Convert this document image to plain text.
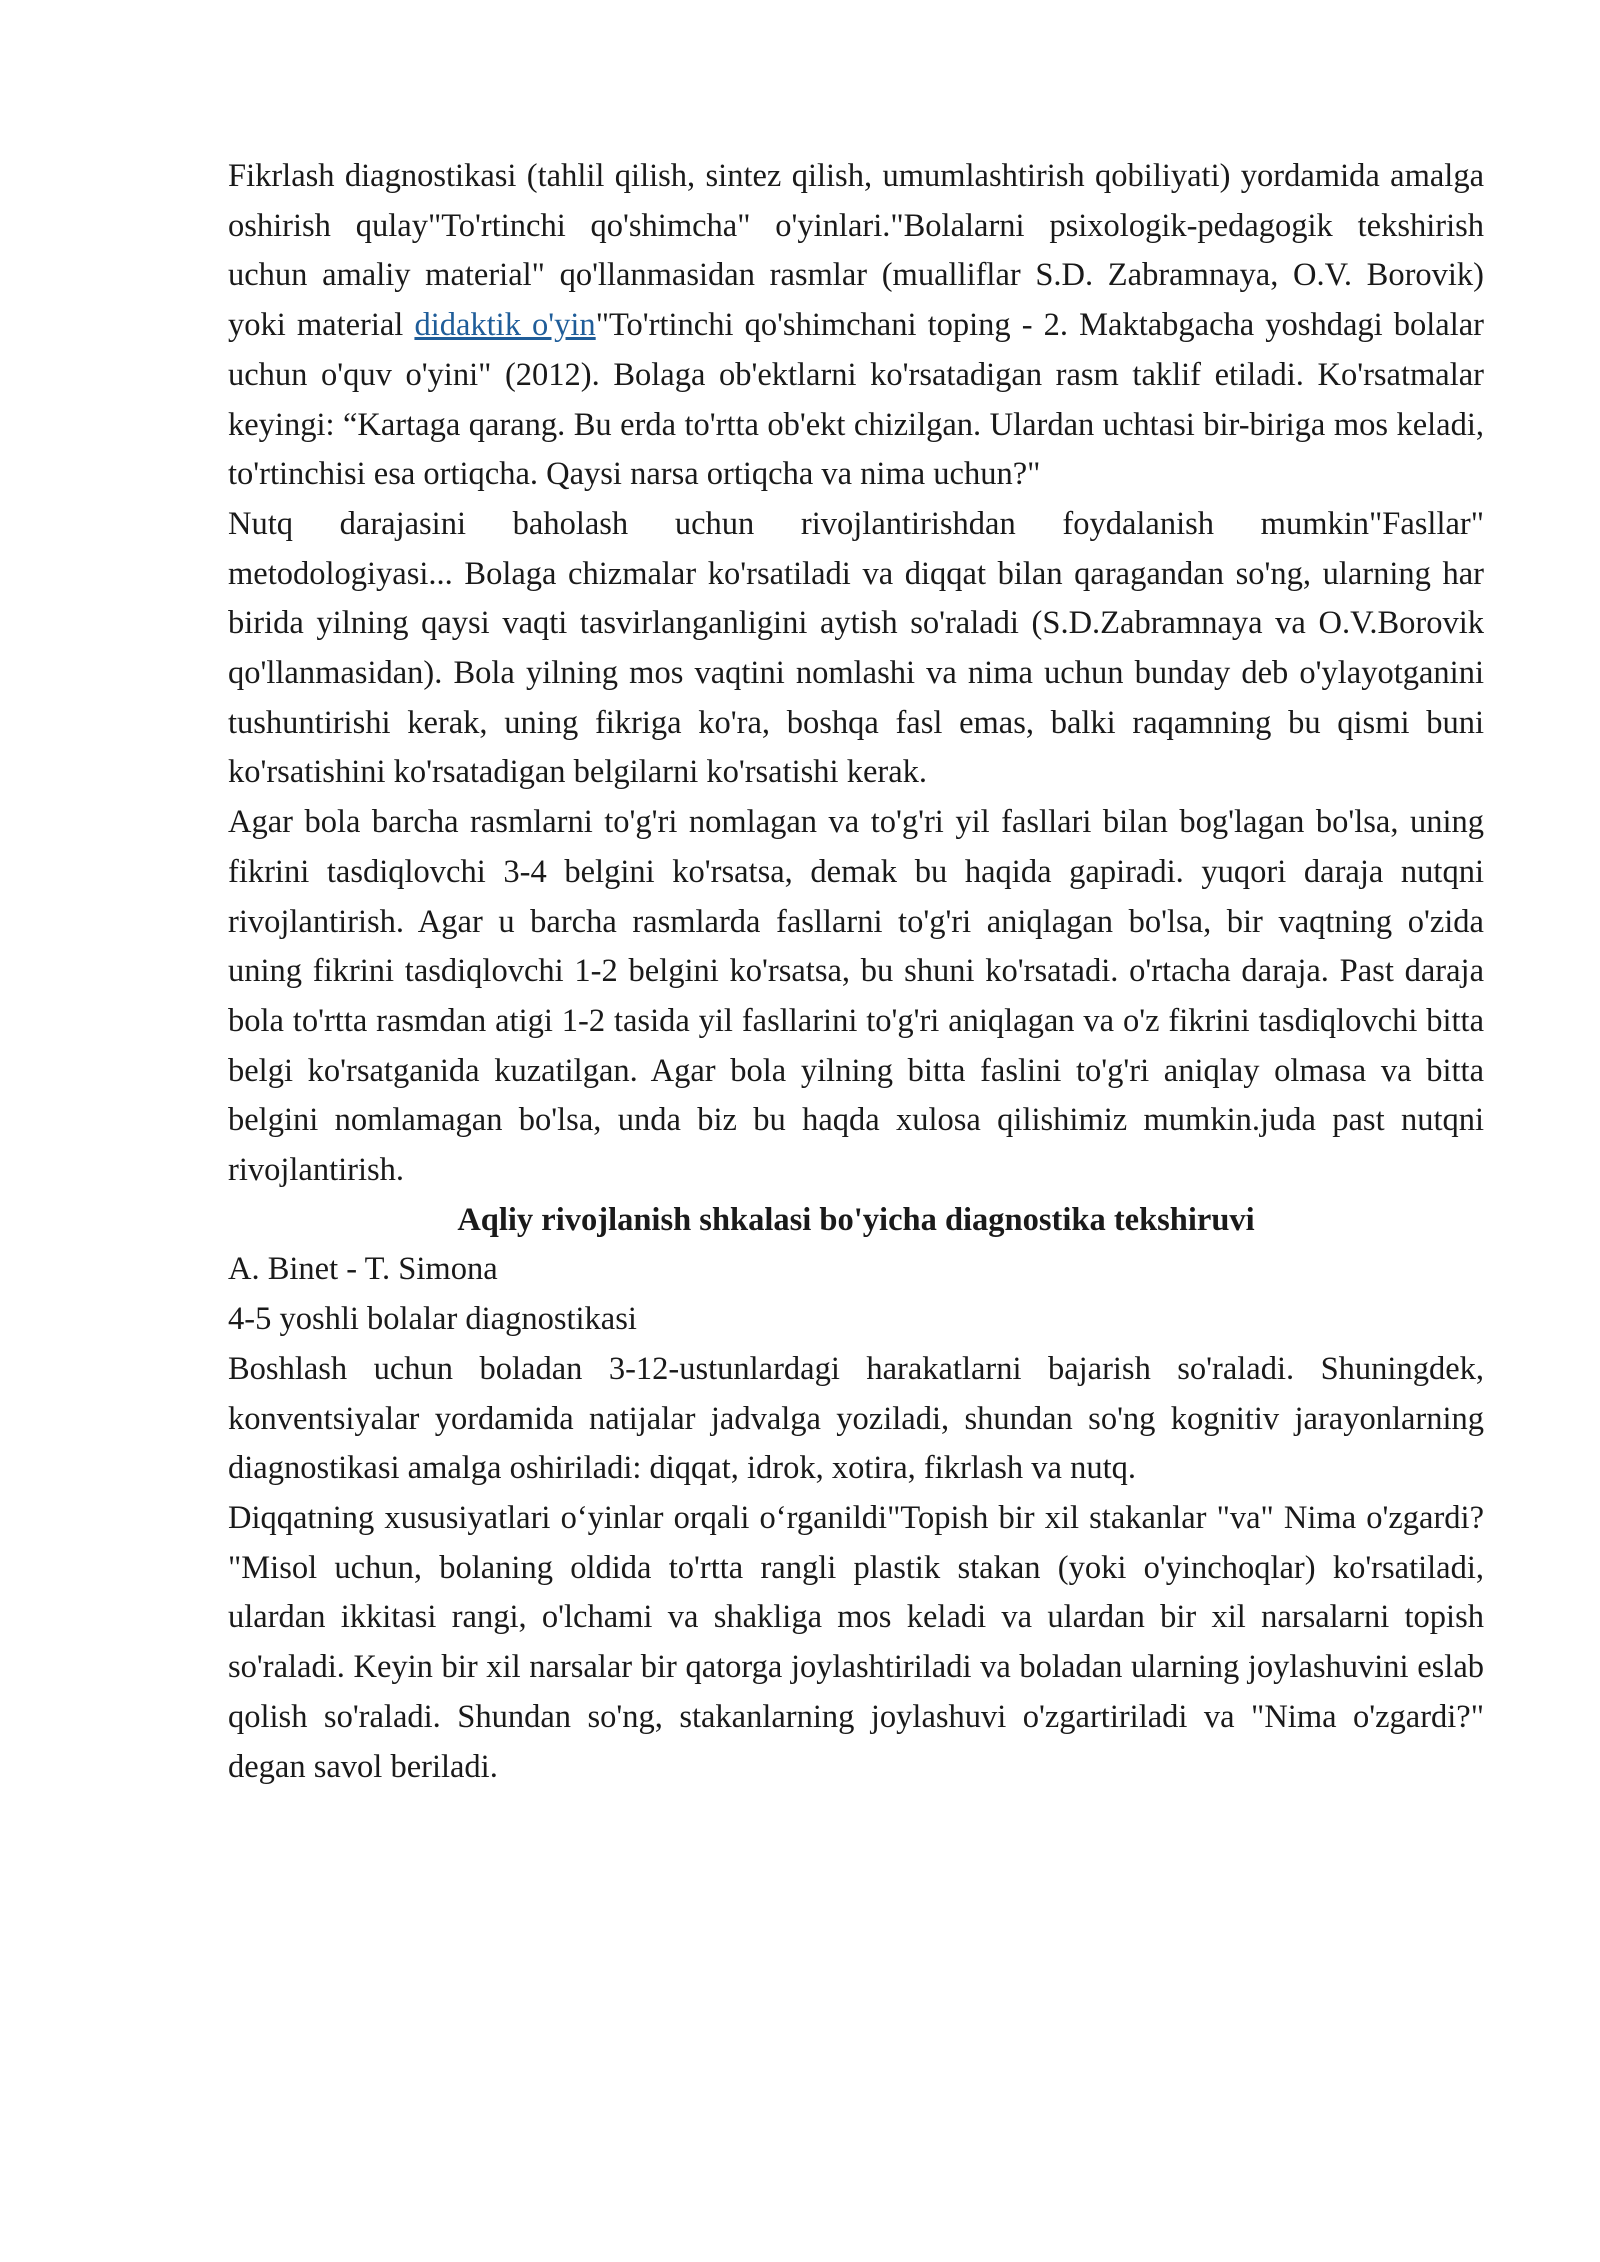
Fikrlash diagnostikasi (tahlil qilish, sintez qilish, umumlashtirish qobiliyati) yordamida amalga oshirish qulay"To'rtinchi qo'shimcha" o'yinlari."Bolalarni psixologik-pedagogik tekshirish uchun amaliy material" qo'llanmasidan rasmlar (mualliflar S.D. Zabramnaya, O.V. Borovik) yoki material didaktik o'yin"To'rtinchi qo'shimchani toping - 2. Maktabgacha yoshdagi bolalar uchun o'quv o'yini" (2012). Bolaga ob'ektlarni ko'rsatadigan rasm taklif etiladi. Ko'rsatmalar keyingi: “Kartaga qarang. Bu erda to'rtta ob'ekt chizilgan. Ulardan uchtasi bir-biriga mos keladi, to'rtinchisi esa ortiqcha. Qaysi narsa ortiqcha va nima uchun?"

Nutq darajasini baholash uchun rivojlantirishdan foydalanish mumkin"Fasllar" metodologiyasi... Bolaga chizmalar ko'rsatiladi va diqqat bilan qaragandan so'ng, ularning har birida yilning qaysi vaqti tasvirlanganligini aytish so'raladi (S.D.Zabramnaya va O.V.Borovik qo'llanmasidan). Bola yilning mos vaqtini nomlashi va nima uchun bunday deb o'ylayotganini tushuntirishi kerak, uning fikriga ko'ra, boshqa fasl emas, balki raqamning bu qismi buni ko'rsatishini ko'rsatadigan belgilarni ko'rsatishi kerak.

Agar bola barcha rasmlarni to'g'ri nomlagan va to'g'ri yil fasllari bilan bog'lagan bo'lsa, uning fikrini tasdiqlovchi 3-4 belgini ko'rsatsa, demak bu haqida gapiradi. yuqori daraja nutqni rivojlantirish. Agar u barcha rasmlarda fasllarni to'g'ri aniqlagan bo'lsa, bir vaqtning o'zida uning fikrini tasdiqlovchi 1-2 belgini ko'rsatsa, bu shuni ko'rsatadi. o'rtacha daraja. Past daraja bola to'rtta rasmdan atigi 1-2 tasida yil fasllarini to'g'ri aniqlagan va o'z fikrini tasdiqlovchi bitta belgi ko'rsatganida kuzatilgan. Agar bola yilning bitta faslini to'g'ri aniqlay olmasa va bitta belgini nomlamagan bo'lsa, unda biz bu haqda xulosa qilishimiz mumkin.juda past nutqni rivojlantirish.

Aqliy rivojlanish shkalasi bo'yicha diagnostika tekshiruvi

A. Binet - T. Simona

4-5 yoshli bolalar diagnostikasi

Boshlash uchun boladan 3-12-ustunlardagi harakatlarni bajarish so'raladi. Shuningdek, konventsiyalar yordamida natijalar jadvalga yoziladi, shundan so'ng kognitiv jarayonlarning diagnostikasi amalga oshiriladi: diqqat, idrok, xotira, fikrlash va nutq.

Diqqatning xususiyatlari o‘yinlar orqali o‘rganildi"Topish bir xil stakanlar "va" Nima o'zgardi? "Misol uchun, bolaning oldida to'rtta rangli plastik stakan (yoki o'yinchoqlar) ko'rsatiladi, ulardan ikkitasi rangi, o'lchami va shakliga mos keladi va ulardan bir xil narsalarni topish so'raladi. Keyin bir xil narsalar bir qatorga joylashtiriladi va boladan ularning joylashuvini eslab qolish so'raladi. Shundan so'ng, stakanlarning joylashuvi o'zgartiriladi va "Nima o'zgardi?" degan savol beriladi.
